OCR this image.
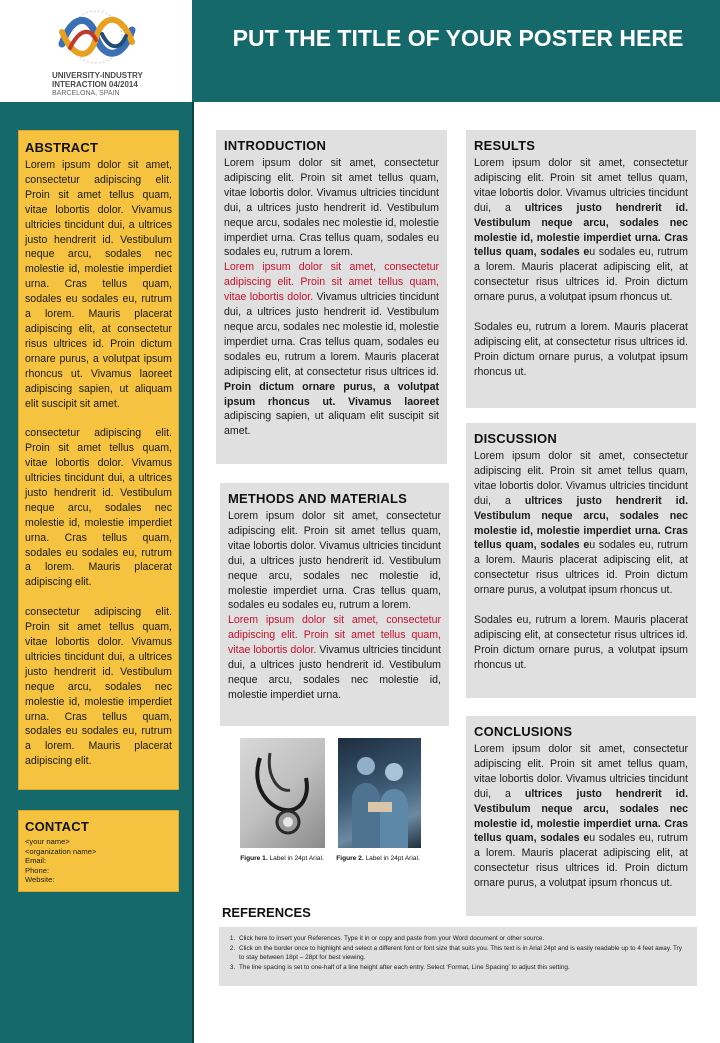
UNIVERSITY-INDUSTRY
INTERACTION 04/2014
BARCELONA, SPAIN
PUT THE TITLE OF YOUR POSTER HERE
ABSTRACT

Lorem ipsum dolor sit amet, consectetur adipiscing elit. Proin sit amet tellus quam, vitae lobortis dolor. Vivamus ultricies tincidunt dui, a ultrices justo hendrerit id. Vestibulum neque arcu, sodales nec molestie id, molestie imperdiet urna. Cras tellus quam, sodales eu sodales eu, rutrum a lorem. Mauris placerat adipiscing elit, at consectetur risus ultrices id. Proin dictum ornare purus, a volutpat ipsum rhoncus ut. Vivamus laoreet adipiscing sapien, ut aliquam elit suscipit sit amet.

consectetur adipiscing elit. Proin sit amet tellus quam, vitae lobortis dolor. Vivamus ultricies tincidunt dui, a ultrices justo hendrerit id. Vestibulum neque arcu, sodales nec molestie id, molestie imperdiet urna. Cras tellus quam, sodales eu sodales eu, rutrum a lorem. Mauris placerat adipiscing elit.

consectetur adipiscing elit. Proin sit amet tellus quam, vitae lobortis dolor. Vivamus ultricies tincidunt dui, a ultrices justo hendrerit id. Vestibulum neque arcu, sodales nec molestie id, molestie imperdiet urna. Cras tellus quam, sodales eu sodales eu, rutrum a lorem. Mauris placerat adipiscing elit.

CONTACT
<your name>
<organization name>
Email:
Phone:
Website:
INTRODUCTION

Lorem ipsum dolor sit amet, consectetur adipiscing elit. Proin sit amet tellus quam, vitae lobortis dolor. Vivamus ultricies tincidunt dui, a ultrices justo hendrerit id. Vestibulum neque arcu, sodales nec molestie id, molestie imperdiet urna. Cras tellus quam, sodales eu sodales eu, rutrum a lorem.

Lorem ipsum dolor sit amet, consectetur adipiscing elit. Proin sit amet tellus quam, vitae lobortis dolor. Vivamus ultricies tincidunt dui, a ultrices justo hendrerit id. Vestibulum neque arcu, sodales nec molestie id, molestie imperdiet urna. Cras tellus quam, sodales eu sodales eu, rutrum a lorem. Mauris placerat adipiscing elit, at consectetur risus ultrices id. Proin dictum ornare purus, a volutpat ipsum rhoncus ut. Vivamus laoreet adipiscing sapien, ut aliquam elit suscipit sit amet.

METHODS AND MATERIALS

Lorem ipsum dolor sit amet, consectetur adipiscing elit. Proin sit amet tellus quam, vitae lobortis dolor. Vivamus ultricies tincidunt dui, a ultrices justo hendrerit id. Vestibulum neque arcu, sodales nec molestie id, molestie imperdiet urna. Cras tellus quam, sodales eu sodales eu, rutrum a lorem.

Lorem ipsum dolor sit amet, consectetur adipiscing elit. Proin sit amet tellus quam, vitae lobortis dolor. Vivamus ultricies tincidunt dui, a ultrices justo hendrerit id. Vestibulum neque arcu, sodales nec molestie id, molestie imperdiet urna.

Figure 1. Label in 24pt Arial.	Figure 2. Label in 24pt Arial.
RESULTS

Lorem ipsum dolor sit amet, consectetur adipiscing elit. Proin sit amet tellus quam, vitae lobortis dolor. Vivamus ultricies tincidunt dui, a ultrices justo hendrerit id. Vestibulum neque arcu, sodales nec molestie id, molestie imperdiet urna. Cras tellus quam, sodales eu sodales eu, rutrum a lorem. Mauris placerat adipiscing elit, at consectetur risus ultrices id. Proin dictum ornare purus, a volutpat ipsum rhoncus ut.

Sodales eu, rutrum a lorem. Mauris placerat adipiscing elit, at consectetur risus ultrices id. Proin dictum ornare purus, a volutpat ipsum rhoncus ut.

DISCUSSION

Lorem ipsum dolor sit amet, consectetur adipiscing elit. Proin sit amet tellus quam, vitae lobortis dolor. Vivamus ultricies tincidunt dui, a ultrices justo hendrerit id. Vestibulum neque arcu, sodales nec molestie id, molestie imperdiet urna. Cras tellus quam, sodales eu sodales eu, rutrum a lorem. Mauris placerat adipiscing elit, at consectetur risus ultrices id. Proin dictum ornare purus, a volutpat ipsum rhoncus ut.

Sodales eu, rutrum a lorem. Mauris placerat adipiscing elit, at consectetur risus ultrices id. Proin dictum ornare purus, a volutpat ipsum rhoncus ut.

CONCLUSIONS

Lorem ipsum dolor sit amet, consectetur adipiscing elit. Proin sit amet tellus quam, vitae lobortis dolor. Vivamus ultricies tincidunt dui, a ultrices justo hendrerit id. Vestibulum neque arcu, sodales nec molestie id, molestie imperdiet urna. Cras tellus quam, sodales eu sodales eu, rutrum a lorem. Mauris placerat adipiscing elit, at consectetur risus ultrices id. Proin dictum ornare purus, a volutpat ipsum rhoncus ut.

REFERENCES
1. Click here to insert your References. Type it in or copy and paste from your Word document or other source.
2. Click on the border once to highlight and select a different font or font size that suits you. This text is in Arial 24pt and is easily readable up to 4 feet away. Try to stay between 18pt – 28pt for best viewing.
3. The line spacing is set to one-half of a line height after each entry. Select ‘Format, Line Spacing’ to adjust this setting.
